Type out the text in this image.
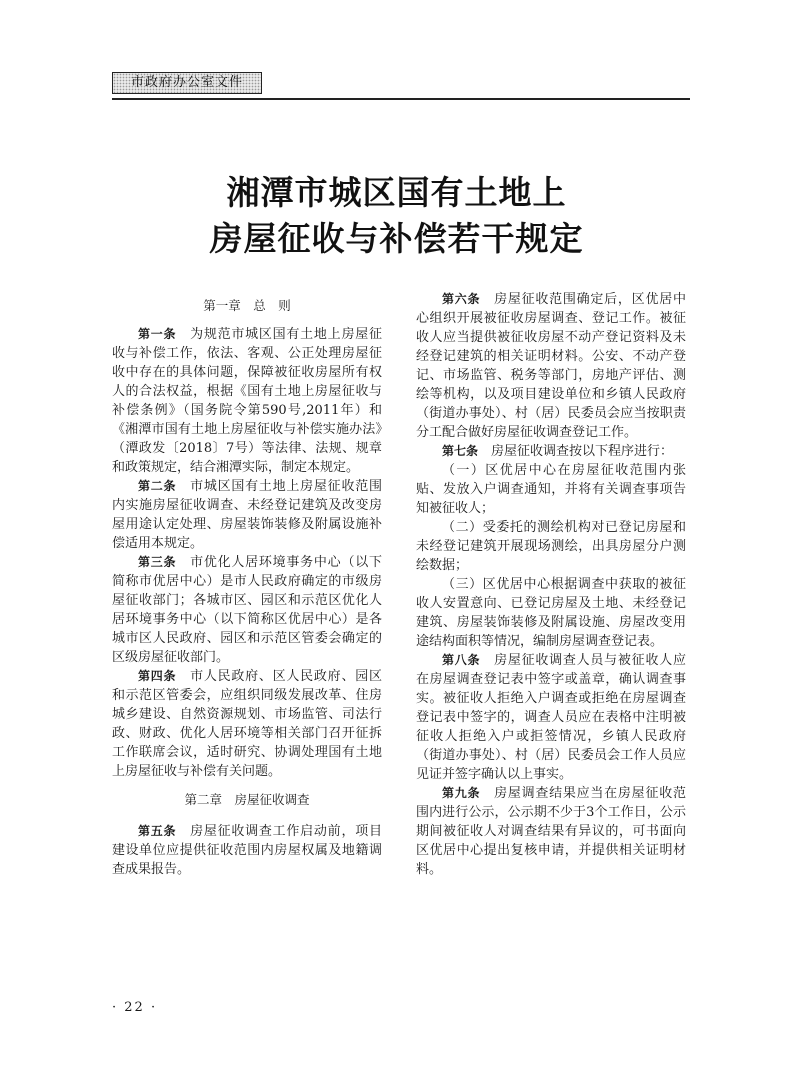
市政府办公室文件
湘潭市城区国有土地上
房屋征收与补偿若干规定
第一章　总　则

第一条　 为规范市城区国有土地上房屋征收与补偿工作，依法、客观、公正处理房屋征收中存在的具体问题，保障被征收房屋所有权人的合法权益，根据《国有土地上房屋征收与补偿条例》（国务院令第590号,2011年）和《湘潭市国有土地上房屋征收与补偿实施办法》（潭政发〔2018〕7号）等法律、法规、规章和政策规定，结合湘潭实际，制定本规定。

第二条　 市城区国有土地上房屋征收范围内实施房屋征收调查、未经登记建筑及改变房屋用途认定处理、房屋装饰装修及附属设施补偿适用本规定。

第三条　 市优化人居环境事务中心（以下简称市优居中心）是市人民政府确定的市级房屋征收部门；各城市区、园区和示范区优化人居环境事务中心（以下简称区优居中心）是各城市区人民政府、园区和示范区管委会确定的区级房屋征收部门。

第四条　 市人民政府、区人民政府、园区和示范区管委会，应组织同级发展改革、住房城乡建设、自然资源规划、市场监管、司法行政、财政、优化人居环境等相关部门召开征拆工作联席会议，适时研究、协调处理国有土地上房屋征收与补偿有关问题。

第二章　房屋征收调查

第五条　 房屋征收调查工作启动前，项目建设单位应提供征收范围内房屋权属及地籍调查成果报告。

第六条　 房屋征收范围确定后，区优居中心组织开展被征收房屋调查、登记工作。被征收人应当提供被征收房屋不动产登记资料及未经登记建筑的相关证明材料。公安、不动产登记、市场监管、税务等部门，房地产评估、测绘等机构，以及项目建设单位和乡镇人民政府（街道办事处）、村（居）民委员会应当按职责分工配合做好房屋征收调查登记工作。

第七条　 房屋征收调查按以下程序进行：

（一）区优居中心在房屋征收范围内张贴、发放入户调查通知，并将有关调查事项告知被征收人；

（二）受委托的测绘机构对已登记房屋和未经登记建筑开展现场测绘，出具房屋分户测绘数据；

（三）区优居中心根据调查中获取的被征收人安置意向、已登记房屋及土地、未经登记建筑、房屋装饰装修及附属设施、房屋改变用途结构面积等情况，编制房屋调查登记表。

第八条　 房屋征收调查人员与被征收人应在房屋调查登记表中签字或盖章，确认调查事实。被征收人拒绝入户调查或拒绝在房屋调查登记表中签字的，调查人员应在表格中注明被征收人拒绝入户或拒签情况，乡镇人民政府（街道办事处）、村（居）民委员会工作人员应见证并签字确认以上事实。

第九条　 房屋调查结果应当在房屋征收范围内进行公示，公示期不少于3个工作日，公示期间被征收人对调查结果有异议的，可书面向区优居中心提出复核申请，并提供相关证明材料。

· 22 ·
